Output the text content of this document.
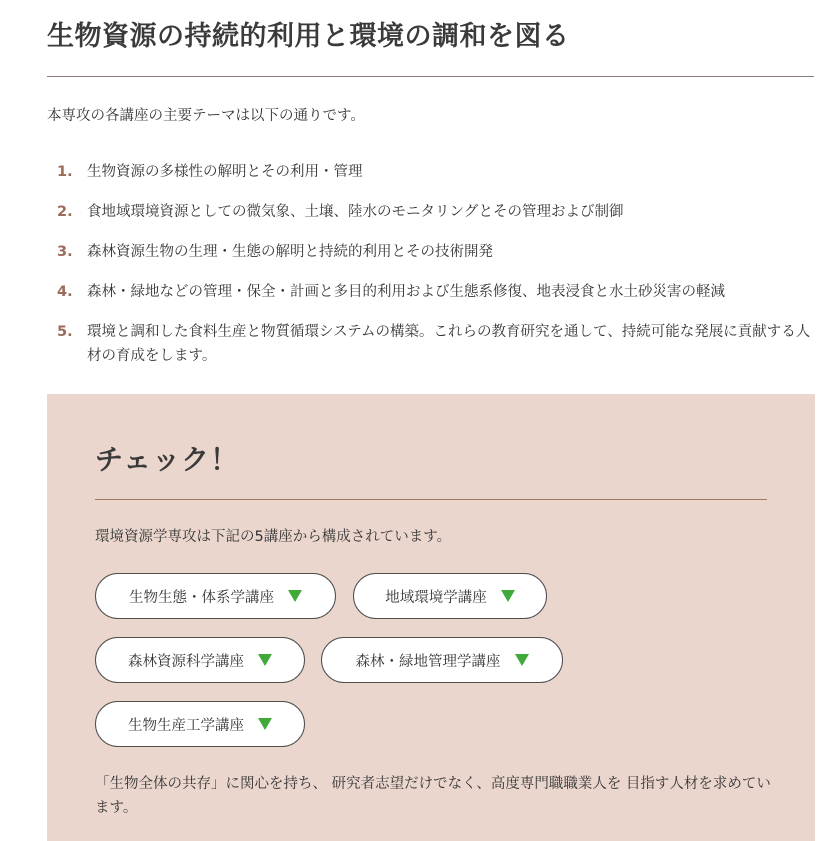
生物資源の持続的利用と環境の調和を図る

本専攻の各講座の主要テーマは以下の通りです。

1. 生物資源の多様性の解明とその利用・管理
2. 食地域環境資源としての微気象、土壌、陸水のモニタリングとその管理および制御
3. 森林資源生物の生理・生態の解明と持続的利用とその技術開発
4. 森林・緑地などの管理・保全・計画と多目的利用および生態系修復、地表浸食と水土砂災害の軽減
5. 環境と調和した食料生産と物質循環システムの構築。これらの教育研究を通して、持続可能な発展に貢献する人材の育成をします。
チェック！

環境資源学専攻は下記の5講座から構成されています。

生物生態・体系学講座	地域環境学講座
森林資源科学講座	森林・緑地管理学講座
生物生産工学講座

「生物全体の共存」に関心を持ち、 研究者志望だけでなく、高度専門職職業人を 目指す人材を求めています。
